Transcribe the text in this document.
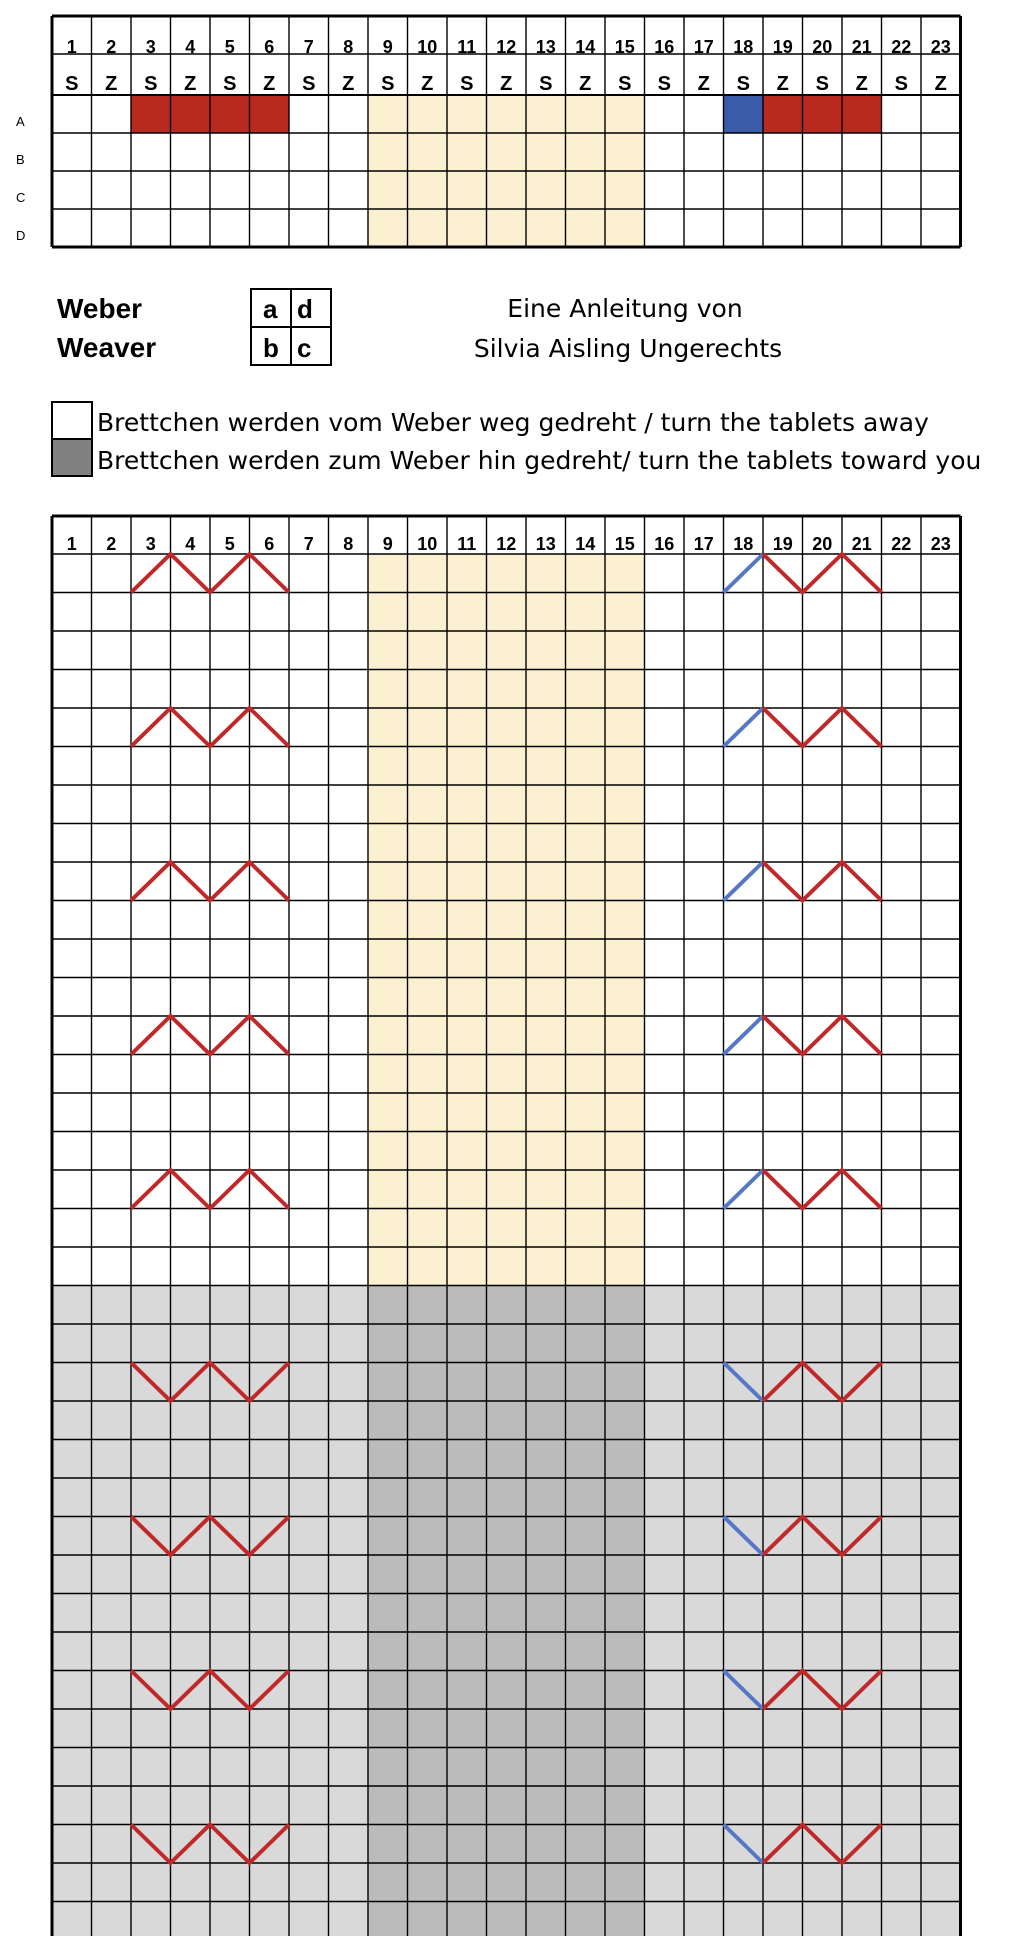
1
S
2
Z
3
S
4
Z
5
S
6
Z
7
S
8
Z
9
S
10
Z
11
S
12
Z
13
S
14
Z
15
S
16
S
17
Z
18
S
19
Z
20
S
21
Z
22
S
23
Z
A
B
C
D
Weber
Weaver
a d
b c
Eine Anleitung von
Silvia Aisling Ungerechts
Brettchen werden vom Weber weg gedreht / turn the tablets away
Brettchen werden zum Weber hin gedreht/ turn the tablets toward you
1 2 3 4 5 6 7 8 9 10 11 12 13 14 15 16 17 18 19 20 21 22 23
